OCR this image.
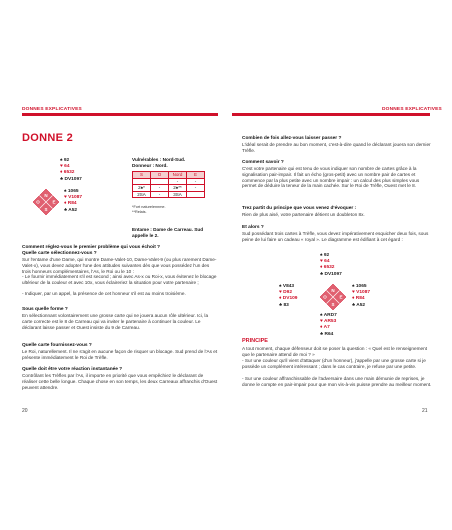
DONNES EXPLICATIVES
DONNE 2
♠ 92
♥ 64
♦ 6532
♣ DV1097
N
O	E
S
♠ 1065
♥ V1087
♦ R84
♣ A52
Vulnérables : Nord-Sud.
Donneur : Nord.
S	O	Nord	E
		-	-
2♠*	-	2♠**	-
2SA	-	3SA	
*Fort naturelennme.
**Relais.
Entame : Dame de Carreau. Sud appelle le 2.
Comment réglez-vous le premier problème qui vous échoit ?
Quelle carte sélectionnez-vous ?
Sur l'entame d'une Dame, qui montre Dame-Valet-10, Dame-Valet-9 (ou plus rarement Dame-Valet-x), vous devez adopter l'une des attitudes suivantes dès que vous possédez l'un des trois honneurs complémentaires, l'As, le Roi ou le 10 :
- Le fournir immédiatement s'il est second ; ainsi avec As-x ou Roi-x, vous évitenez le blocage ultérieur de la couleur et avec 10x, vous éclaireriez la situation pour votre partenaire ;
- Indiquer, par un appel, la présence de cet honneur s'il est au moins troisième.
Sous quelle forme ?
En sélectionnant volontairement une grosse carte qui ne jouera aucun rôle ultérieur. Ici, la carte correcte est le 8 de Carreau qui va inviter le partenaire à continuer la couleur. Le déclarant laisse passer et Ouest insiste du 9 de Carreau.
Quelle carte fournissez-vous ?
Le Roi, naturellement. Il ne s'agit en aucune façon de risquer un blocage. Sud prend de l'As et présente immédiatement le Roi de Trèfle.
Quelle doit être votre réaction instantanée ?
Contrôlant les Trèfles par l'As, il importe en priorité que vous empêchiez le déclarant de réaliser cette belle longue. Chaque chose en son temps, les deux Carreaux affranchis d'Ouest peuvent attendre.
20
DONNES EXPLICATIVES
Combien de fois allez-vous laisser passer ?
L'idéal serait de prendre au bon moment, c'est-à-dire quand le déclarant jouera son dernier Trèfle.
Comment savoir ?
C'est votre partenaire qui est tenu de vous indiquer son nombre de cartes grâce à la signalisation pair-impair. Il fait un écho (gros-petit) avec un nombre pair de cartes et commence par la plus petite avec un nombre impair : un calcul des plus simples vous permet de déduire la teneur de la main cachée. Sur le Roi de Trèfle, Ouest met le 8.
Trez partit du principe que vous venez d'évoquer :
Rien de plus aisé, votre partenaire détient un doubleton 8x.
Et alors ?
Sud possédant trois cartes à Trèfle, vous devez impérativement esquicher deux fois, sous peine de lui faire un cadeau « royal ». Le diagramme est édifiant à cet égard :
♠ 92
♥ 64
♦ 6532
♣ DV1097
♠ V843
♥ D92
♦ DV109
♣ 83
N
O	E
S
♠ 1065
♥ V1087
♦ R84
♣ A52
♠ ARD7
♥ AR53
♦ A7
♣ R64
PRINCIPE
A tout moment, chaque défenseur doit se poser la question : « Quel est le renseignement que le partenaire attend de moi ? »
- Sur une couleur qu'il vient d'attaquer (d'un honneur), j'appelle par une grosse carte si je possède un complément intéressant ; dans le cas contraire, je refuse par une petite.
- Sur une couleur affranchissable de l'adversaire dans une main démunie de reprises, je donne le compte en pair-impair pour que mon vis-à-vis puisse prendre au meilleur moment.
21
